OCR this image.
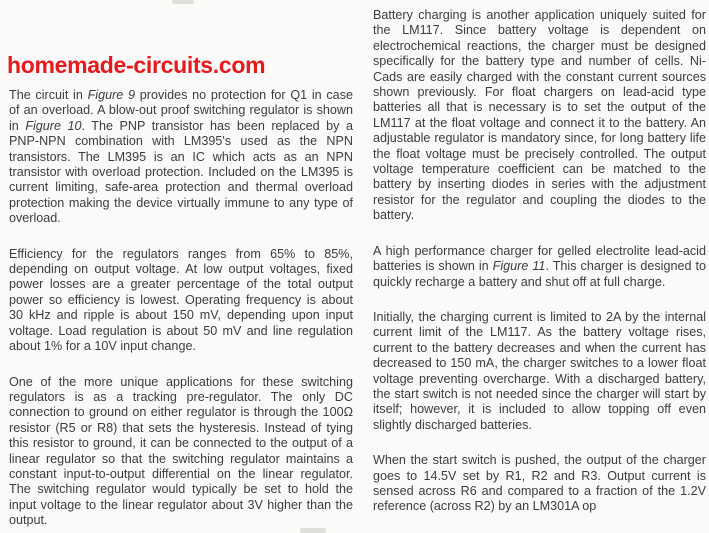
homemade-circuits.com

The circuit in Figure 9 provides no protection for Q1 in case of an overload. A blow-out proof switching regulator is shown in Figure 10. The PNP transistor has been replaced by a PNP-NPN combination with LM395's used as the NPN transistors. The LM395 is an IC which acts as an NPN transistor with overload protection. Included on the LM395 is current limiting, safe-area protection and thermal overload protection making the device virtually immune to any type of overload.

Efficiency for the regulators ranges from 65% to 85%, depending on output voltage. At low output voltages, fixed power losses are a greater percentage of the total output power so efficiency is lowest. Operating frequency is about 30 kHz and ripple is about 150 mV, depending upon input voltage. Load regulation is about 50 mV and line regulation about 1% for a 10V input change.

One of the more unique applications for these switching regulators is as a tracking pre-regulator. The only DC connection to ground on either regulator is through the 100Ω resistor (R5 or R8) that sets the hysteresis. Instead of tying this resistor to ground, it can be connected to the output of a linear regulator so that the switching regulator maintains a constant input-to-output differential on the linear regulator. The switching regulator would typically be set to hold the input voltage to the linear regulator about 3V higher than the output.

Battery charging is another application uniquely suited for the LM117. Since battery voltage is dependent on electrochemical reactions, the charger must be designed specifically for the battery type and number of cells. Ni-Cads are easily charged with the constant current sources shown previously. For float chargers on lead-acid type batteries all that is necessary is to set the output of the LM117 at the float voltage and connect it to the battery. An adjustable regulator is mandatory since, for long battery life the float voltage must be precisely controlled. The output voltage temperature coefficient can be matched to the battery by inserting diodes in series with the adjustment resistor for the regulator and coupling the diodes to the battery.

A high performance charger for gelled electrolite lead-acid batteries is shown in Figure 11. This charger is designed to quickly recharge a battery and shut off at full charge.

Initially, the charging current is limited to 2A by the internal current limit of the LM117. As the battery voltage rises, current to the battery decreases and when the current has decreased to 150 mA, the charger switches to a lower float voltage preventing overcharge. With a discharged battery, the start switch is not needed since the charger will start by itself; however, it is included to allow topping off even slightly discharged batteries.

When the start switch is pushed, the output of the charger goes to 14.5V set by R1, R2 and R3. Output current is sensed across R6 and compared to a fraction of the 1.2V reference (across R2) by an LM301A op
